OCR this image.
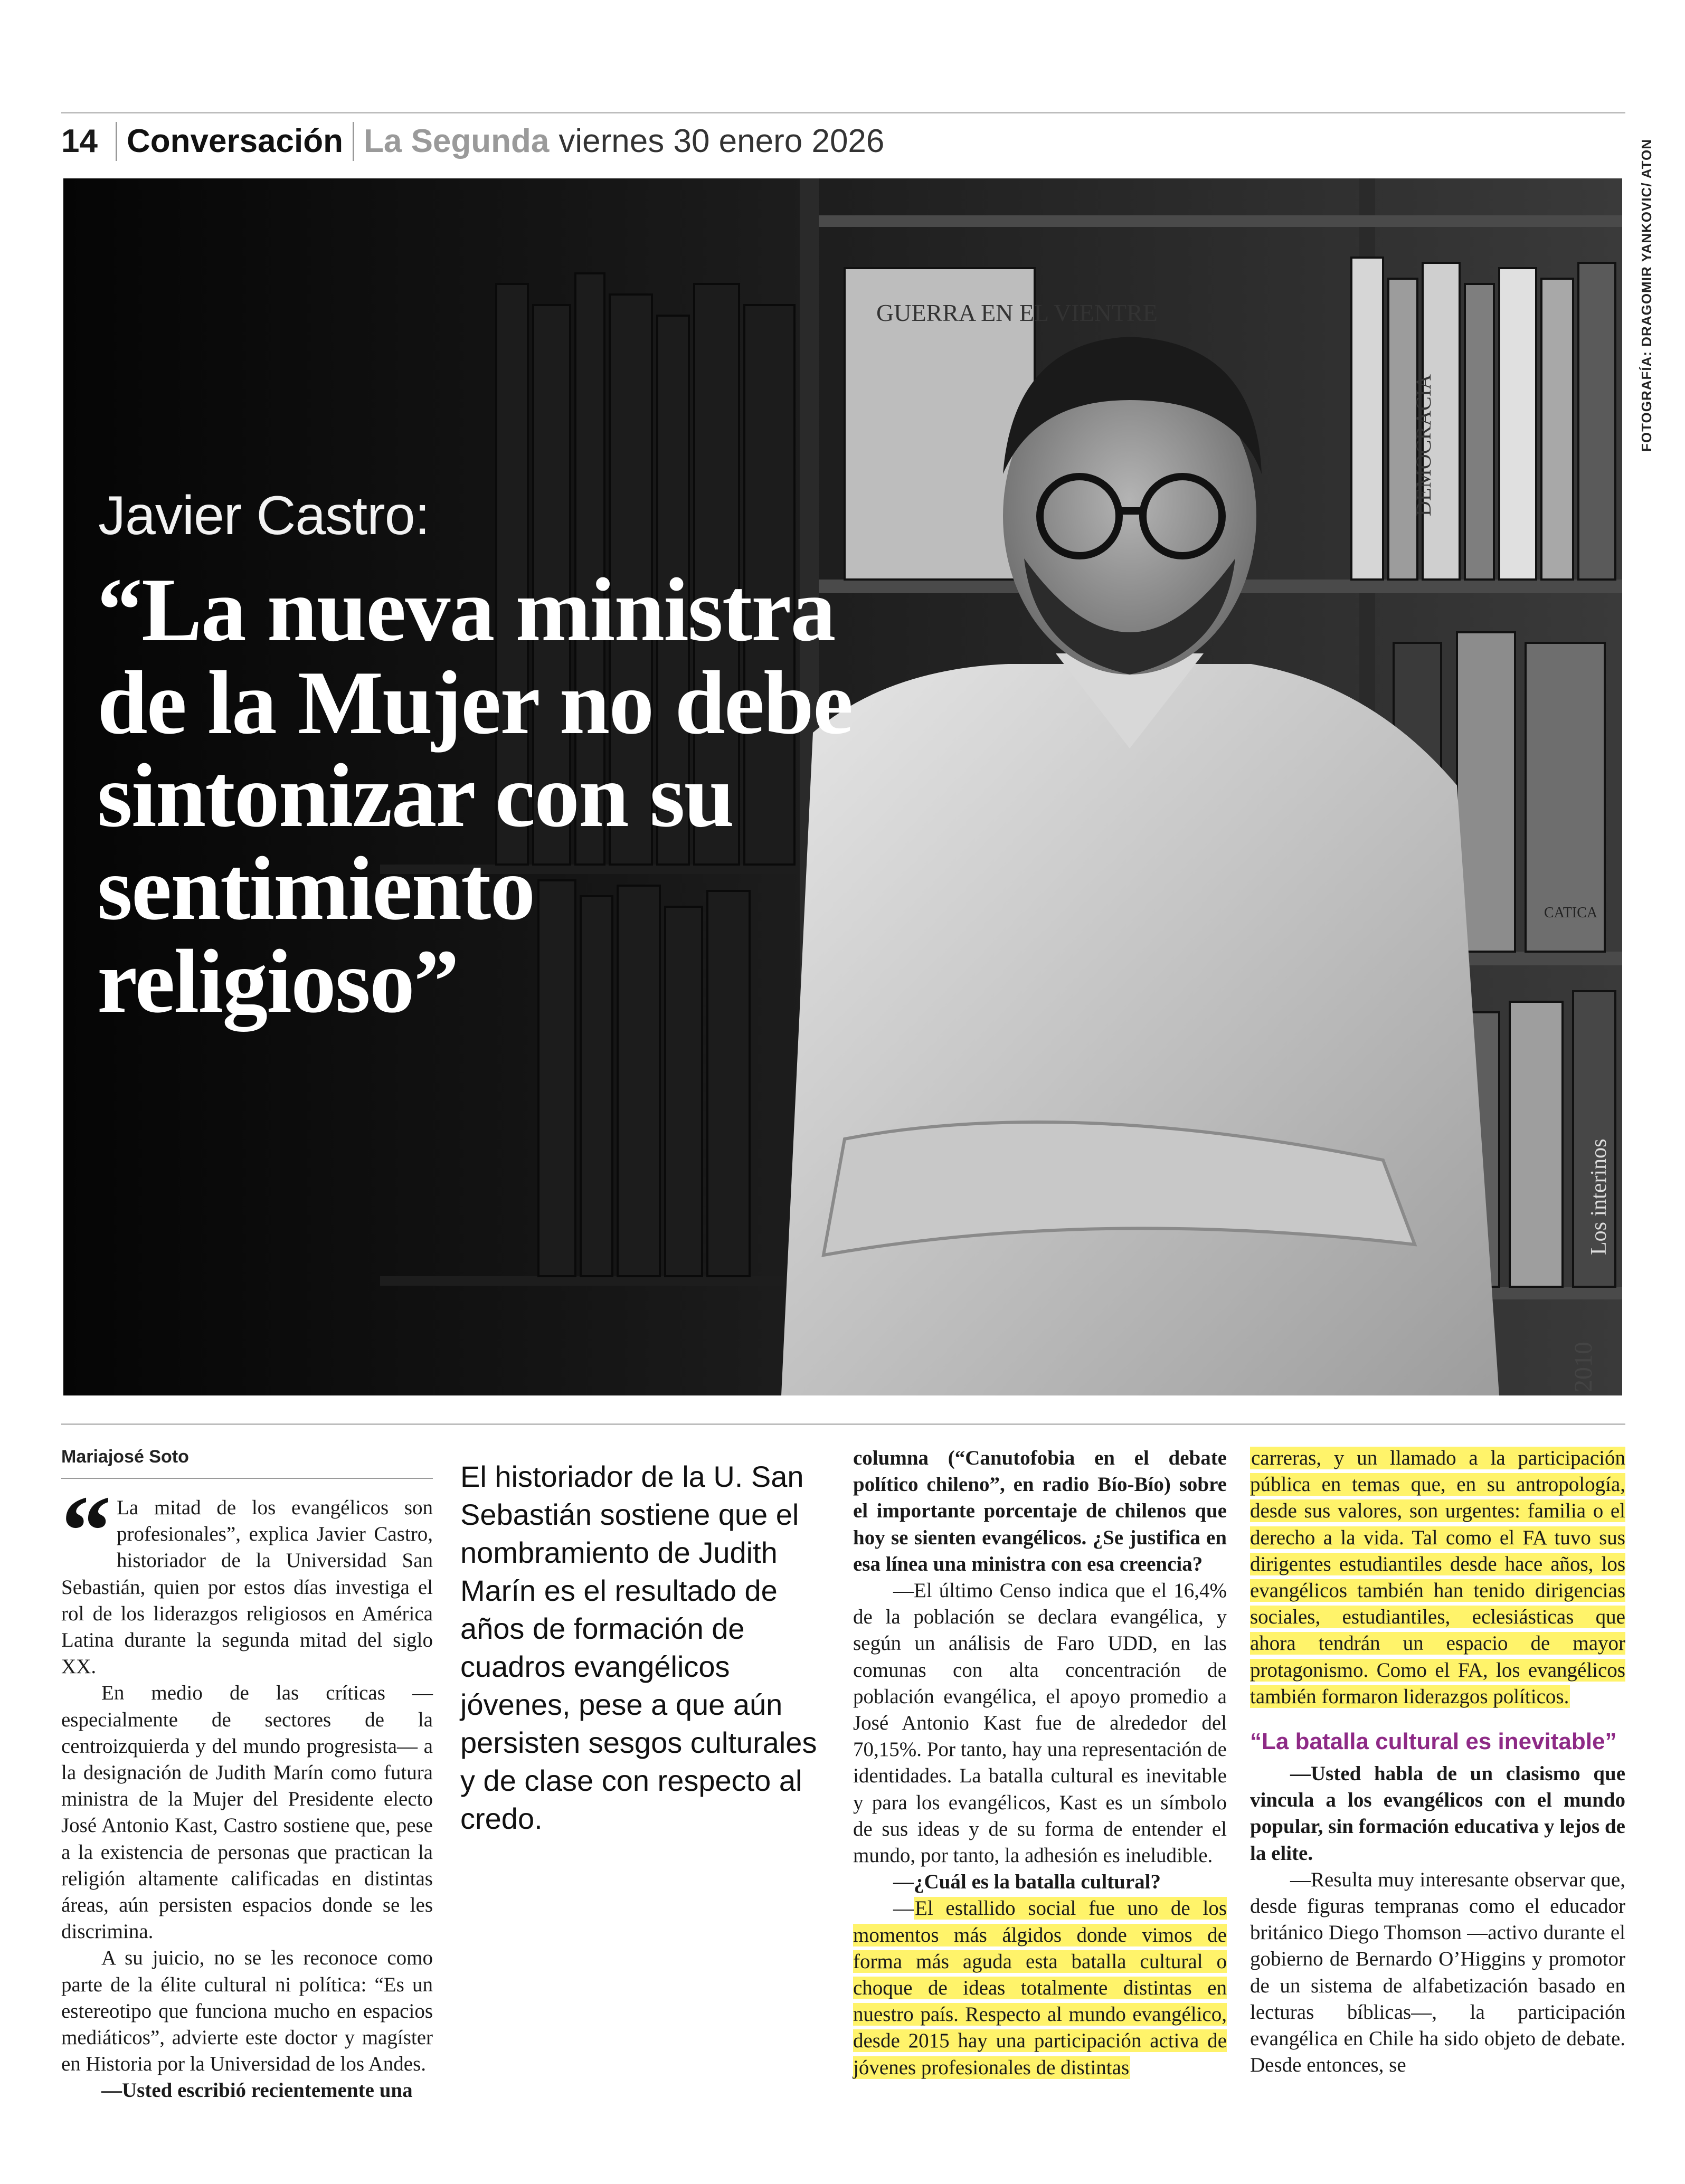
14 Conversación La Segunda viernes 30 enero 2026
GUERRA EN EL VIENTRE
Los interinos
DEMOCRACIA
CATICA
2010
Javier Castro:
“La nueva ministra de la Mujer no debe sintonizar con su sentimiento religioso”
FOTOGRAFÍA: DRAGOMIR YANKOVIC/ ATON
Mariajosé Soto

“ La mitad de los evangélicos son profesionales”, explica Javier Castro, historiador de la Universidad San Sebastián, quien por estos días investiga el rol de los liderazgos religiosos en América Latina durante la segunda mitad del siglo XX.

En medio de las críticas —especialmente de sectores de la centroizquierda y del mundo progresista— a la designación de Judith Marín como futura ministra de la Mujer del Presidente electo José Antonio Kast, Castro sostiene que, pese a la existencia de personas que practican la religión altamente calificadas en distintas áreas, aún persisten espacios donde se les discrimina.

A su juicio, no se les reconoce como parte de la élite cultural ni política: “Es un estereotipo que funciona mucho en espacios mediáticos”, advierte este doctor y magíster en Historia por la Universidad de los Andes.

—Usted escribió recientemente una

El historiador de la U. San Sebastián sostiene que el nombramiento de Judith Marín es el resultado de años de formación de cuadros evangélicos jóvenes, pese a que aún persisten sesgos culturales y de clase con respecto al credo.

columna (“Canutofobia en el debate político chileno”, en radio Bío-Bío) sobre el importante porcentaje de chilenos que hoy se sienten evangélicos. ¿Se justifica en esa línea una ministra con esa creencia?

—El último Censo indica que el 16,4% de la población se declara evangélica, y según un análisis de Faro UDD, en las comunas con alta concentración de población evangélica, el apoyo promedio a José Antonio Kast fue de alrededor del 70,15%. Por tanto, hay una representación de identidades. La batalla cultural es inevitable y para los evangélicos, Kast es un símbolo de sus ideas y de su forma de entender el mundo, por tanto, la adhesión es ineludible.

—¿Cuál es la batalla cultural?

—El estallido social fue uno de los momentos más álgidos donde vimos de forma más aguda esta batalla cultural o choque de ideas totalmente distintas en nuestro país. Respecto al mundo evangélico, desde 2015 hay una participación activa de jóvenes profesionales de distintas

carreras, y un llamado a la participación pública en temas que, en su antropología, desde sus valores, son urgentes: familia o el derecho a la vida. Tal como el FA tuvo sus dirigentes estudiantiles desde hace años, los evangélicos también han tenido dirigencias sociales, estudiantiles, eclesiásticas que ahora tendrán un espacio de mayor protagonismo. Como el FA, los evangélicos también formaron liderazgos políticos.

“La batalla cultural es inevitable”

—Usted habla de un clasismo que vincula a los evangélicos con el mundo popular, sin formación educativa y lejos de la elite.

—Resulta muy interesante observar que, desde figuras tempranas como el educador británico Diego Thomson —activo durante el gobierno de Bernardo O’Higgins y promotor de un sistema de alfabetización basado en lecturas bíblicas—, la participación evangélica en Chile ha sido objeto de debate. Desde entonces, se
